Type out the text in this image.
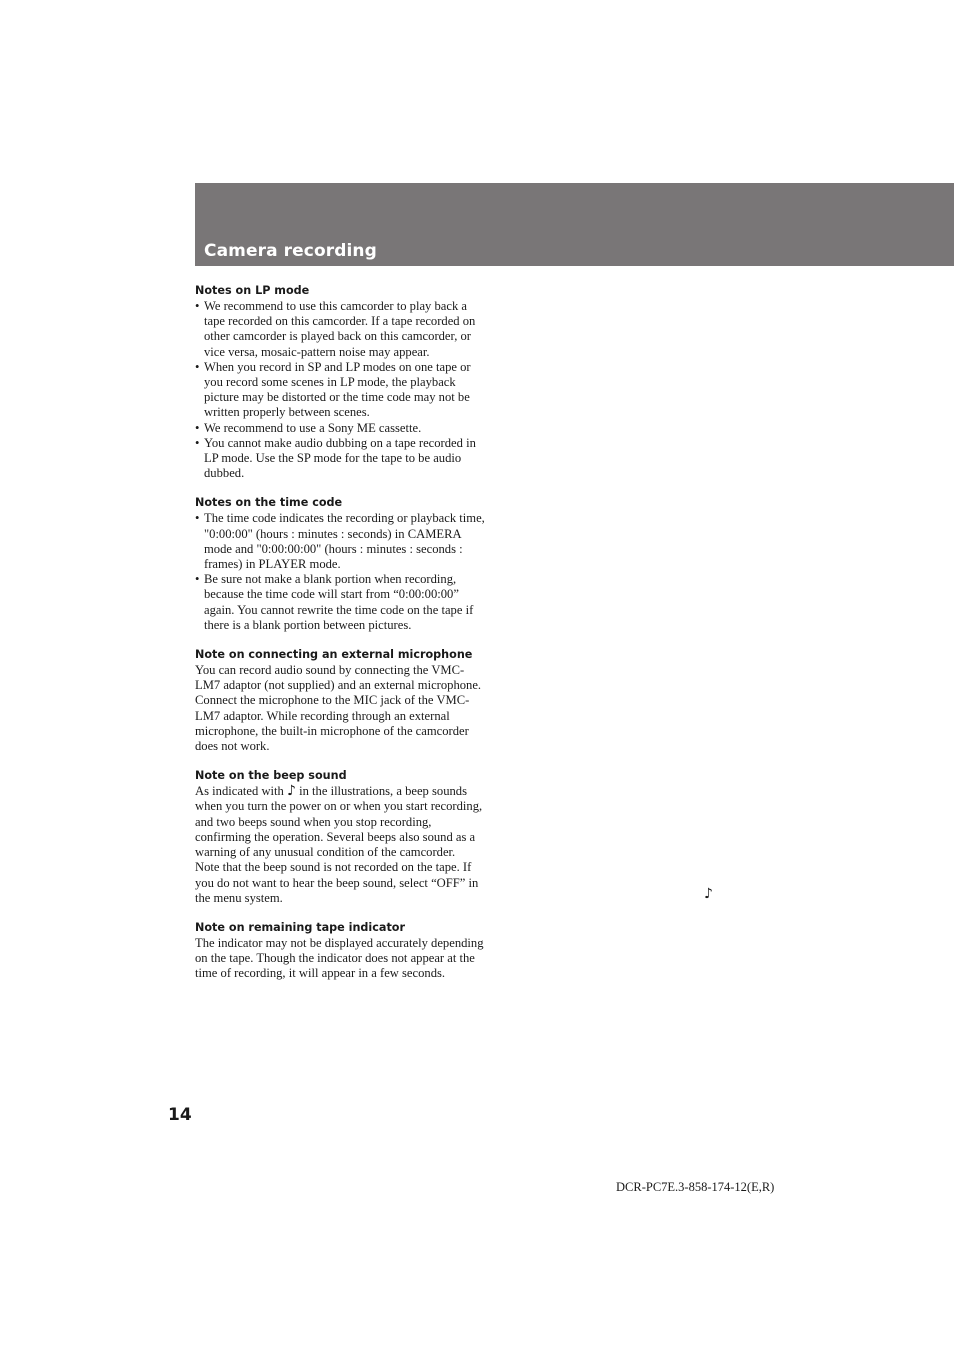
Camera recording
Notes on LP mode
• We recommend to use this camcorder to play back a tape recorded on this camcorder. If a tape recorded on other camcorder is played back on this camcorder, or vice versa, mosaic-pattern noise may appear.
• When you record in SP and LP modes on one tape or you record some scenes in LP mode, the playback picture may be distorted or the time code may not be written properly between scenes.
• We recommend to use a Sony ME cassette.
• You cannot make audio dubbing on a tape recorded in LP mode. Use the SP mode for the tape to be audio dubbed.
Notes on the time code
• The time code indicates the recording or playback time, "0:00:00" (hours : minutes : seconds) in CAMERA mode and "0:00:00:00" (hours : minutes : seconds : frames) in PLAYER mode.
• Be sure not make a blank portion when recording, because the time code will start from “0:00:00:00” again. You cannot rewrite the time code on the tape if there is a blank portion between pictures.
Note on connecting an external microphone

You can record audio sound by connecting the VMC-LM7 adaptor (not supplied) and an external microphone. Connect the microphone to the MIC jack of the VMC-LM7 adaptor. While recording through an external microphone, the built-in microphone of the camcorder does not work.

Note on the beep sound

As indicated with ♪ in the illustrations, a beep sounds when you turn the power on or when you start recording, and two beeps sound when you stop recording, confirming the operation. Several beeps also sound as a warning of any unusual condition of the camcorder.

Note that the beep sound is not recorded on the tape. If you do not want to hear the beep sound, select “OFF” in the menu system.

Note on remaining tape indicator

The indicator may not be displayed accurately depending on the tape. Though the indicator does not appear at the time of recording, it will appear in a few seconds.

♪
14
DCR-PC7E.3-858-174-12(E,R)
